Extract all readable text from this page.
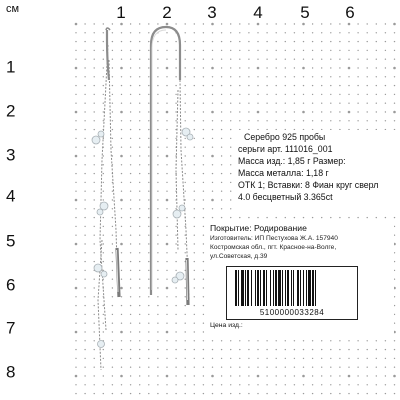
см	1 2 3 4 5 6
1
2
3
4
5
6
7
8
Серебро 925 пробы
серьги арт. 111016_001
Масса изд.: 1,85 г Размер:
Масса металла: 1,18 г
ОТК 1; Вставки: 8 Фиан круг сверл
4.0 бесцветный 3.365ct
Покрытие: Родирование
Изготовитель: ИП Пестухова Ж.А. 157940
Костромская обл., пгт. Красное-на-Волге,
ул.Советская, д.39
5100000033284
Цена изд.:
